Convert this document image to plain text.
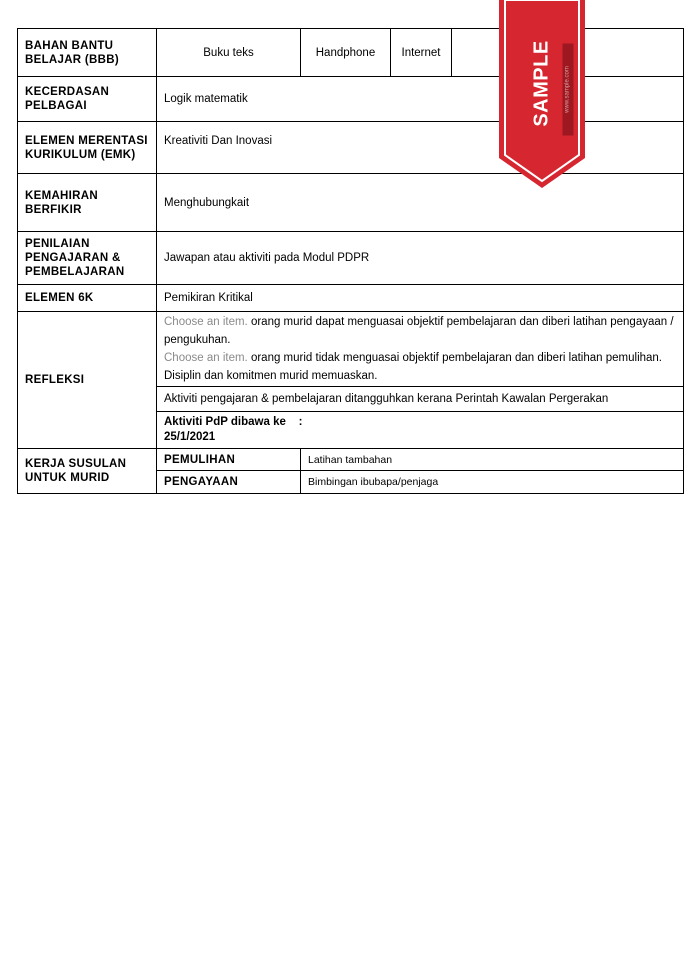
BAHAN BANTU BELAJAR (BBB)	Buku teks	Handphone	Internet	
KECERDASAN PELBAGAI	Logik matematik			
ELEMEN MERENTASI KURIKULUM (EMK)	Kreativiti Dan Inovasi			
KEMAHIRAN BERFIKIR	Menghubungkait			
PENILAIAN PENGAJARAN & PEMBELAJARAN	Jawapan atau aktiviti pada Modul PDPR			
ELEMEN 6K	Pemikiran Kritikal			
REFLEKSI	Choose an item. orang murid dapat menguasai objektif pembelajaran dan diberi latihan pengayaan / pengukuhan.

Choose an item. orang murid tidak menguasai objektif pembelajaran dan diberi latihan pemulihan. Disiplin dan komitmen murid memuaskan.			

	Aktiviti pengajaran & pembelajaran ditangguhkan kerana Perintah Kawalan Pergerakan			
	Aktiviti PdP dibawa ke :
25/1/2021			
KERJA SUSULAN UNTUK MURID	PEMULIHAN	Latihan tambahan		
	PENGAYAAN	Bimbingan ibubapa/penjaga		
SAMPLE	www.sample.com
